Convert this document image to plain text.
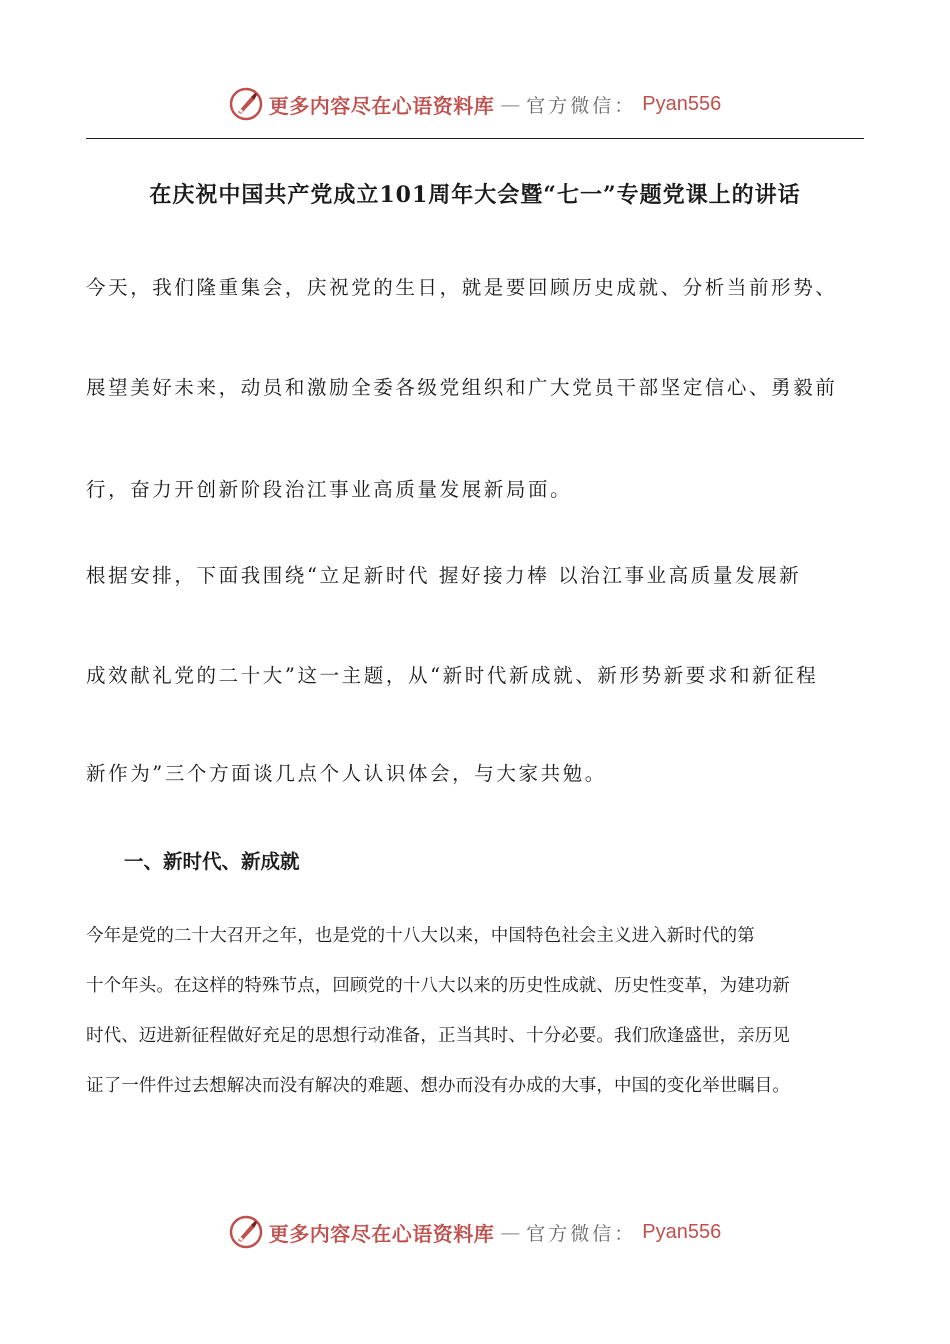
更多内容尽在心语资料库 — 官方微信： Pyan556
在庆祝中国共产党成立101周年大会暨“七一”专题党课上的讲话
今天，我们隆重集会，庆祝党的生日，就是要回顾历史成就、分析当前形势、
展望美好未来，动员和激励全委各级党组织和广大党员干部坚定信心、勇毅前
行，奋力开创新阶段治江事业高质量发展新局面。
根据安排，下面我围绕“立足新时代 握好接力棒 以治江事业高质量发展新
成效献礼党的二十大”这一主题，从“新时代新成就、新形势新要求和新征程
新作为”三个方面谈几点个人认识体会，与大家共勉。
一、新时代、新成就
今年是党的二十大召开之年，也是党的十八大以来，中国特色社会主义进入新时代的第
十个年头。在这样的特殊节点，回顾党的十八大以来的历史性成就、历史性变革，为建功新
时代、迈进新征程做好充足的思想行动准备，正当其时、十分必要。我们欣逢盛世，亲历见
证了一件件过去想解决而没有解决的难题、想办而没有办成的大事，中国的变化举世瞩目。
更多内容尽在心语资料库 — 官方微信： Pyan556
